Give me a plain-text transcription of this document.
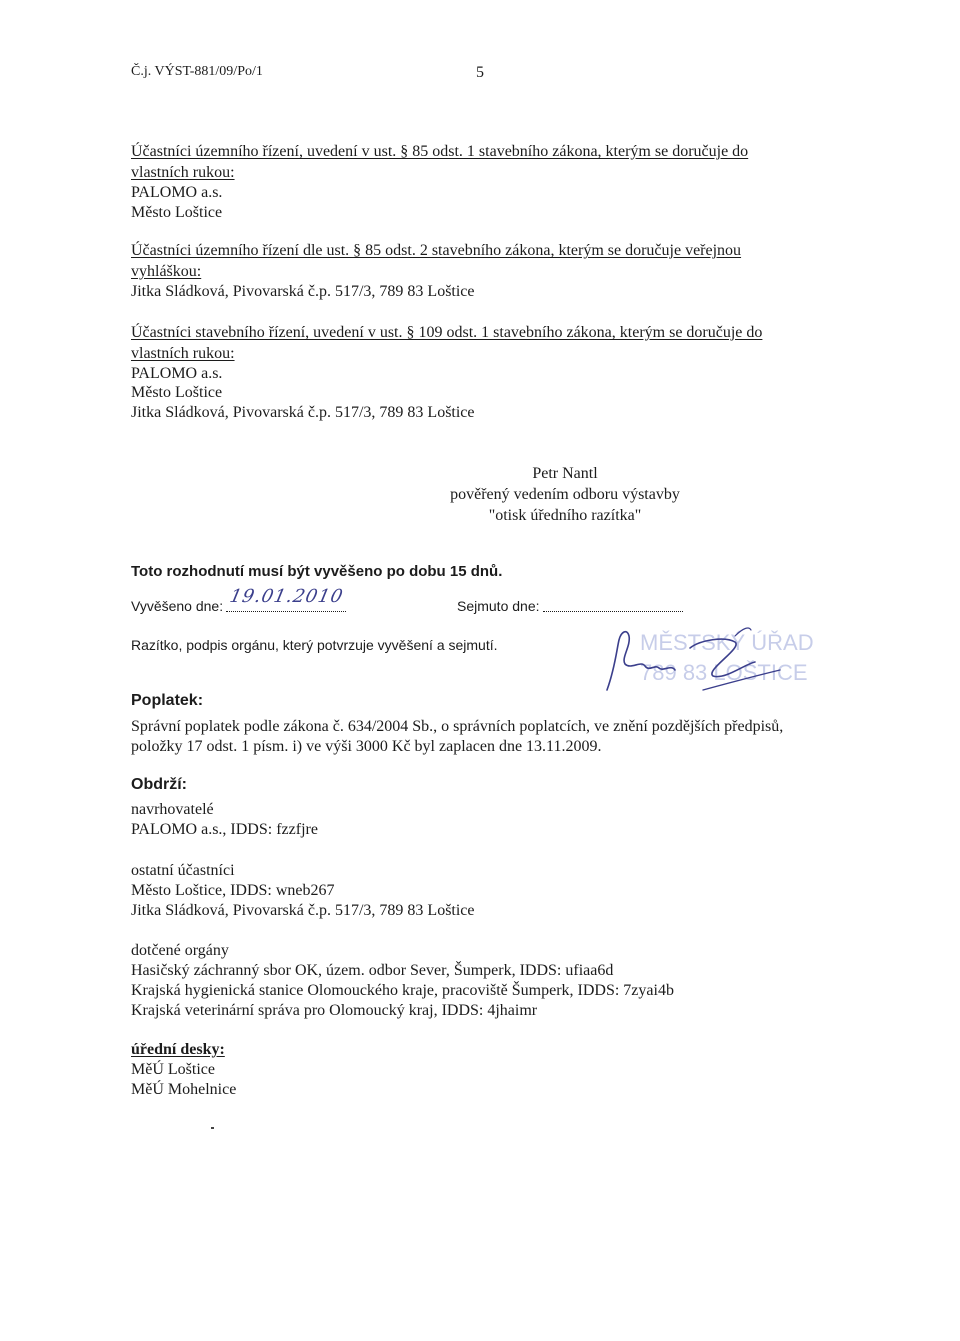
Č.j. VÝST-881/09/Po/1	5
Účastníci územního řízení, uvedení v ust. § 85 odst. 1 stavebního zákona, kterým se doručuje do
vlastních rukou:
PALOMO a.s.
Město Loštice
Účastníci územního řízení dle ust. § 85 odst. 2 stavebního zákona, kterým se doručuje veřejnou
vyhláškou:
Jitka Sládková, Pivovarská č.p. 517/3, 789 83 Loštice
Účastníci stavebního řízení, uvedení v ust. § 109 odst. 1 stavebního zákona, kterým se doručuje do
vlastních rukou:
PALOMO a.s.
Město Loštice
Jitka Sládková, Pivovarská č.p. 517/3, 789 83 Loštice
Petr Nantl
pověřený vedením odboru výstavby
"otisk úředního razítka"
Toto rozhodnutí musí být vyvěšeno po dobu 15 dnů.
Vyvěšeno dne: 19.01.2010	Sejmuto dne:
Razítko, podpis orgánu, který potvrzuje vyvěšení a sejmutí.	MĚSTSKÝ ÚŘAD
789 83 LOŠTICE
Poplatek:
Správní poplatek podle zákona č. 634/2004 Sb., o správních poplatcích, ve znění pozdějších předpisů,
položky 17 odst. 1 písm. i) ve výši 3000 Kč byl zaplacen dne 13.11.2009.
Obdrží:
navrhovatelé
PALOMO a.s., IDDS: fzzfjre
ostatní účastníci
Město Loštice, IDDS: wneb267
Jitka Sládková, Pivovarská č.p. 517/3, 789 83 Loštice
dotčené orgány
Hasičský záchranný sbor OK, územ. odbor Sever, Šumperk, IDDS: ufiaa6d
Krajská hygienická stanice Olomouckého kraje, pracoviště Šumperk, IDDS: 7zyai4b
Krajská veterinární správa pro Olomoucký kraj, IDDS: 4jhaimr
úřední desky:
MěÚ Loštice
MěÚ Mohelnice
